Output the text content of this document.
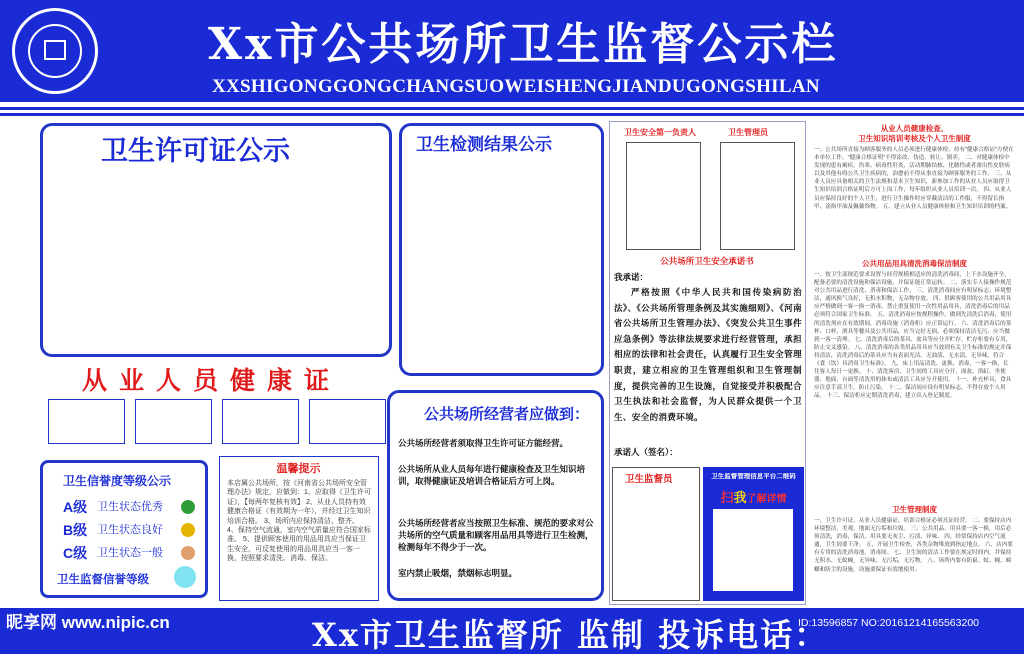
Xx市公共场所卫生监督公示栏
XXSHIGONGGONGCHANGSUOWEISHENGJIANDUGONGSHILAN
卫生许可证公示
从业人员健康证
卫生信誉度等级公示
A级 卫生状态优秀
B级 卫生状态良好
C级 卫生状态一般
卫生监督信誉等级
温馨提示
本店属公共场所，按《河南省公共场所安全管理办法》规定，应做到：1、应取得《卫生许可证》，【每两年复核有效】 2、从业人员持有效健康合格证（有效期为一年），并经过卫生知识培训合格。 3、场所内应保持清洁、整齐。 4、保持空气流通，室内空气质量应符合国家标准。 5、提供顾客使用的用品用具应当保证卫生安全，可反复使用的用品用具应当一客一换，按照要求清洗、消毒、保洁。
卫生检测结果公示
公共场所经营者应做到：
公共场所经营者须取得卫生许可证方能经营。
公共场所从业人员每年进行健康检查及卫生知识培训，取得健康证及培训合格证后方可上岗。
公共场所经营者应当按照卫生标准、规范的要求对公共场所的空气质量和顾客用品用具等进行卫生检测，检测每年不得少于一次。
室内禁止吸烟，禁烟标志明显。
卫生安全第一负责人	卫生管理员
公共场所卫生安全承诺书
我承诺：
严格按照《中华人民共和国传染病防治法》、《公共场所管理条例及其实施细则》、《河南省公共场所卫生管理办法》、《突发公共卫生事件应急条例》等法律法规要求进行经营管理，承担相应的法律和社会责任，认真履行卫生安全管理职责，建立相应的卫生管理组织和卫生管理制度，提供完善的卫生设施，自觉接受并积极配合卫生执法和社会监督，为人民群众提供一个卫生、安全的消费环境。
承诺人（签名）：
卫生监督员	卫生监督管理信息平台二维码
扫我了解详情
从业人员健康检查、
卫生知识培训考核及个人卫生制度
一、公共场所直接为顾客服务的人员必须进行健康体检，持有"健康合格证"方便在本单位工作。"健康合格证明"不得涂改、伪造、转让、倒卖。 二、对健康体检中发现的患有痢疾、伤寒、病毒性肝炎、活动期肺结核、化脓性或者渗出性皮肤病以及其他有碍公共卫生疾病的，治愈前不得从事直接为顾客服务的工作。 三、从业人员应具备相关的卫生法规和基本卫生知识，新参加工作的从业人员应取得卫生知识培训合格证明后方可上岗工作，每年组织从业人员培训一次。 四、从业人员应保持良好的个人卫生，进行卫生操作时应穿戴清洁的工作服，不得留长指甲、涂指甲油及佩戴饰物。 五、建立从业人员健康体检和卫生知识培训的档案。
公共用品用具清洗消毒保洁制度
一、按卫生部规范要求设置与经营规模相适应的清洗消毒间，上下水设施齐全，配备必要的清洗设施和保洁设施，并保证能正常运转。 二、落实专人接操作规范对公共用品进行清洗、消毒和保洁工作。 三、清洗消毒间应有明显标志；环境整洁，通风换气良好，无积水积物，无杂物存放。 四、供顾客使用的公共用品用具应严格做到一客一换一消毒，禁止重复使用一次性用品用具，清洗消毒后的用品必须符合国家卫生标准。 五、清洗消毒应按规程操作，做到先清洗后消毒，使用的清洗剂应在有效期间，消毒设施（消毒柜）应正常运行。 六、清洗消毒后的茶杯、口杯、酒具等餐具及公共用品，应当完好无损，必须保持清洁无污，应当做到一客一清理。 七、清洗消毒后的茶具、盆具等应分开贮存，贮存柜要有专用，防止交叉感染。 八、清洗消毒的各类用品用具应当放到有关卫生标准的规定并保持清洁，清洗消毒后的茶具应当有表面光洁、无油渍、无水渍、无异味，符合《食（饮）具消毒卫生标准》。 九、床上用品清洗、更换、消毒，一客一换，长住客人每日一更换。 十、清洗客房、卫生间的工具应分开，面盆、浴缸、坐便器、地面、台面等清洗用的抹布或清洁工具应分开使用。 十一、补充杯具，食具应注意手部卫生，防止污染。 十二、保洁间应设有明显标志，不得存放个人用品。 十三、保洁柜应定期清洗消毒，建立出入登记制度。
卫生管理制度
一、卫生许可证、从业人员健康证、培训合格证必须亮证经营。 二、要保持店内环境整洁，美观，地面无污垢和垃圾。 三、公共用品、用具要一客一换，用后必须清洗，消毒，保洁。用具要无灰尘、污渍、异味。 四、经常保持店内空气流通，卫生间要干净。 五、开展卫生检查，各类杂物堆放到指定地点。 六、店内要有专用的清洗消毒池，消毒间。 七、卫生间的清洁工作要在规定时间内，并保持无积水、无蚊蝇，无异味，无污垢，无污物。 八、场所内要有防鼠、蚊、蝇、蟑螂和防尘的设施，设施要保证有效地使用。
Xx市卫生监督所 监制 投诉电话：
昵享网 www.nipic.cn	ID:13596857 NO:20161214165563200
